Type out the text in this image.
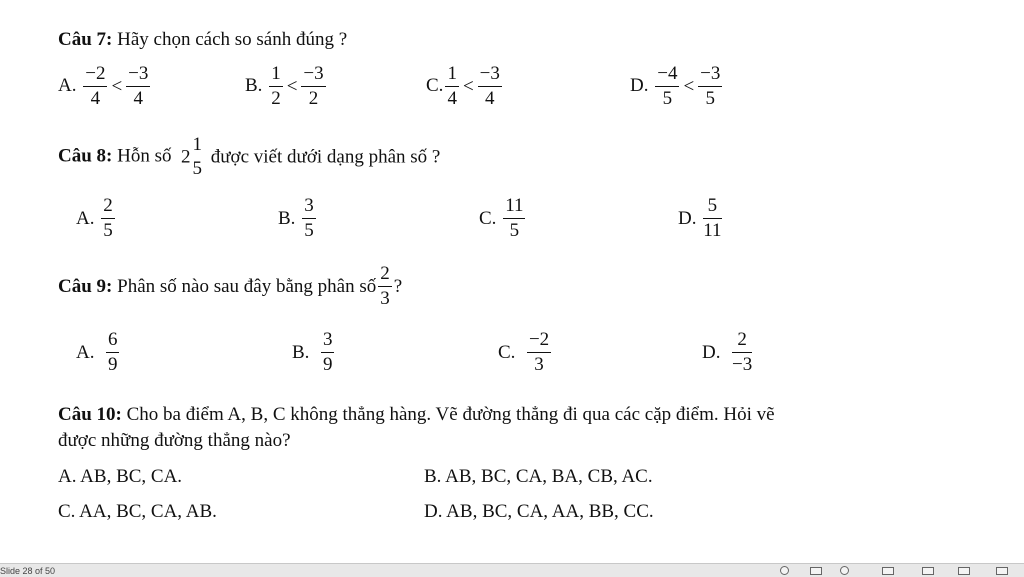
Câu 7: Hãy chọn cách so sánh đúng ?
A. $\frac{-2}{4} < \frac{-3}{4}$	B. $\frac{1}{2} < \frac{-3}{2}$	C. $\frac{1}{4} < \frac{-3}{4}$	D. $\frac{-4}{5} < \frac{-3}{5}$
Câu 8: Hỗn số 2
1
5
được viết dưới dạng phân số ?
A. $\frac{2}{5}$	B. $\frac{3}{5}$	C. $\frac{11}{5}$	D. $\frac{5}{11}$
Câu 9: Phân số nào sau đây bằng phân số $\frac{2}{3}$ ?
A. $\frac{6}{9}$	B. $\frac{3}{9}$	C. $\frac{-2}{3}$	D. $\frac{2}{-3}$
Câu 10: Cho ba điểm A, B, C không thẳng hàng. Vẽ đường thẳng đi qua các cặp điểm. Hỏi vẽ
được những đường thẳng nào?
A. AB, BC, CA.	B. AB, BC, CA, BA, CB, AC.
C. AA, BC, CA, AB.	D. AB, BC, CA, AA, BB, CC.
Slide 28 of 50
